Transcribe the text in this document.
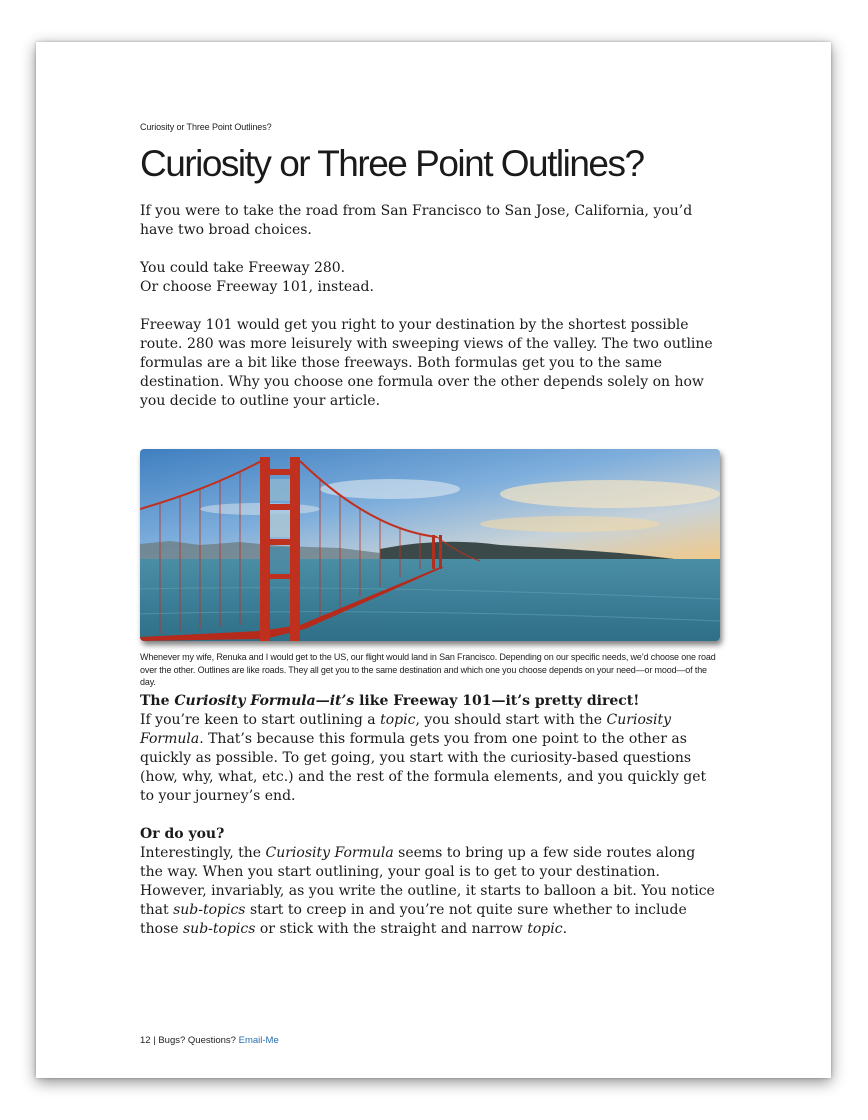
Curiosity or Three Point Outlines?
Curiosity or Three Point Outlines?

If you were to take the road from San Francisco to San Jose, California, you’d have two broad choices.

You could take Freeway 280.

Or choose Freeway 101, instead.

Freeway 101 would get you right to your destination by the shortest possible route. 280 was more leisurely with sweeping views of the valley. The two outline formulas are a bit like those freeways. Both formulas get you to the same destination. Why you choose one formula over the other depends solely on how you decide to outline your article.

Whenever my wife, Renuka and I would get to the US, our flight would land in San Francisco. Depending on our specific needs, we’d choose one road over the other. Outlines are like roads. They all get you to the same destination and which one you choose depends on your need—or mood—of the day.

The Curiosity Formula—it’s like Freeway 101—it’s pretty direct!

If you’re keen to start outlining a topic, you should start with the Curiosity Formula. That’s because this formula gets you from one point to the other as quickly as possible. To get going, you start with the curiosity-based questions (how, why, what, etc.) and the rest of the formula elements, and you quickly get to your journey’s end.

Or do you?

Interestingly, the Curiosity Formula seems to bring up a few side routes along the way. When you start outlining, your goal is to get to your destination. However, invariably, as you write the outline, it starts to balloon a bit. You notice that sub-topics start to creep in and you’re not quite sure whether to include those sub-topics or stick with the straight and narrow topic.

12 | Bugs? Questions? Email-Me
